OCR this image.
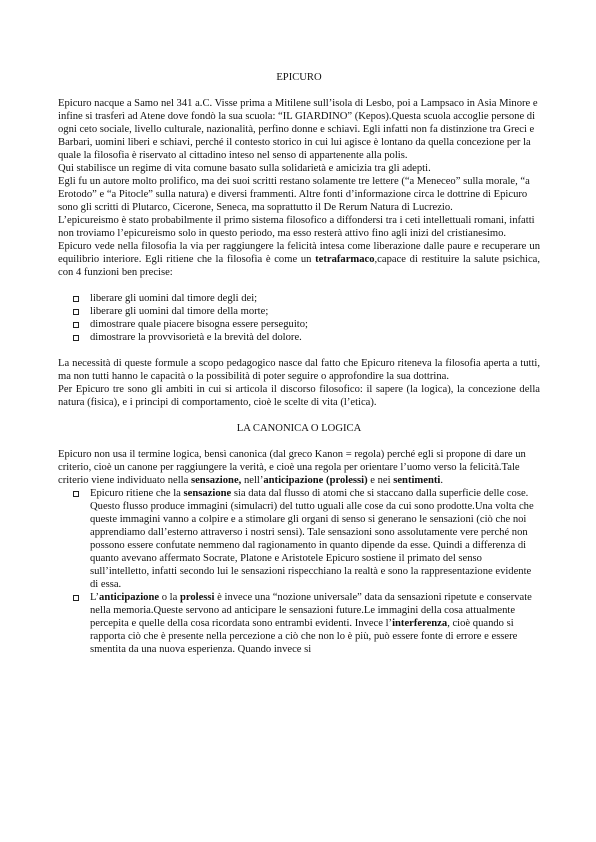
EPICURO

Epicuro nacque a Samo nel 341 a.C. Visse prima a Mitilene sull’isola di Lesbo, poi a Lampsaco in Asia Minore e infine si trasferì ad Atene dove fondò la sua scuola: “IL GIARDINO” (Kepos).Questa scuola accoglie persone di ogni ceto sociale, livello culturale, nazionalità, perfino donne e schiavi. Egli infatti non fa distinzione tra Greci e Barbari, uomini liberi e schiavi, perché il contesto storico in cui lui agisce è lontano da quella concezione per la quale la filosofia è riservato al cittadino inteso nel senso di appartenente alla polis.

Qui stabilisce un regime di vita comune basato sulla solidarietà e amicizia tra gli adepti.

Egli fu un autore molto prolifico, ma dei suoi scritti restano solamente tre lettere (“a Meneceo” sulla morale, “a Erotodo” e “a Pitocle” sulla natura) e diversi frammenti. Altre fonti d’informazione circa le dottrine di Epicuro sono gli scritti di Plutarco, Cicerone, Seneca, ma soprattutto il De Rerum Natura di Lucrezio.

L’epicureismo è stato probabilmente il primo sistema filosofico a diffondersi tra i ceti intellettuali romani, infatti non troviamo l’epicureismo solo in questo periodo, ma esso resterà attivo fino agli inizi del cristianesimo.

Epicuro vede nella filosofia la via per raggiungere la felicità intesa come liberazione dalle paure e recuperare un equilibrio interiore. Egli ritiene che la filosofia è come un tetrafarmaco,capace di restituire la salute psichica, con 4 funzioni ben precise:

liberare gli uomini dal timore degli dei;
liberare gli uomini dal timore della morte;
dimostrare quale piacere bisogna essere perseguito;
dimostrare la provvisorietà e la brevità del dolore.

La necessità di queste formule a scopo pedagogico nasce dal fatto che Epicuro riteneva la filosofia aperta a tutti, ma non tutti hanno le capacità o la possibilità di poter seguire o approfondire la sua dottrina.

Per Epicuro tre sono gli ambiti in cui si articola il discorso filosofico: il sapere (la logica), la concezione della natura (fisica), e i principi di comportamento, cioè le scelte di vita (l’etica).

LA CANONICA O LOGICA

Epicuro non usa il termine logica, bensì canonica (dal greco Kanon = regola) perché egli si propone di dare un criterio, cioè un canone per raggiungere la verità, e cioè una regola per orientare l’uomo verso la felicità.Tale criterio viene individuato nella sensazione, nell’anticipazione (prolessi) e nei sentimenti.

Epicuro ritiene che la sensazione sia data dal flusso di atomi che si staccano dalla superficie delle cose. Questo flusso produce immagini (simulacri) del tutto uguali alle cose da cui sono prodotte.Una volta che queste immagini vanno a colpire e a stimolare gli organi di senso si generano le sensazioni (ciò che noi apprendiamo dall’esterno attraverso i nostri sensi). Tale sensazioni sono assolutamente vere perché non possono essere confutate nemmeno dal ragionamento in quanto dipende da esse. Quindi a differenza di quanto avevano affermato Socrate, Platone e Aristotele Epicuro sostiene il primato del senso sull’intelletto, infatti secondo lui le sensazioni rispecchiano la realtà e sono la rappresentazione evidente di essa.
L’anticipazione o la prolessi è invece una “nozione universale” data da sensazioni ripetute e conservate nella memoria.Queste servono ad anticipare le sensazioni future.Le immagini della cosa attualmente percepita e quelle della cosa ricordata sono entrambi evidenti. Invece l’interferenza, cioè quando si rapporta ciò che è presente nella percezione a ciò che non lo è più, può essere fonte di errore e essere smentita da una nuova esperienza. Quando invece si
